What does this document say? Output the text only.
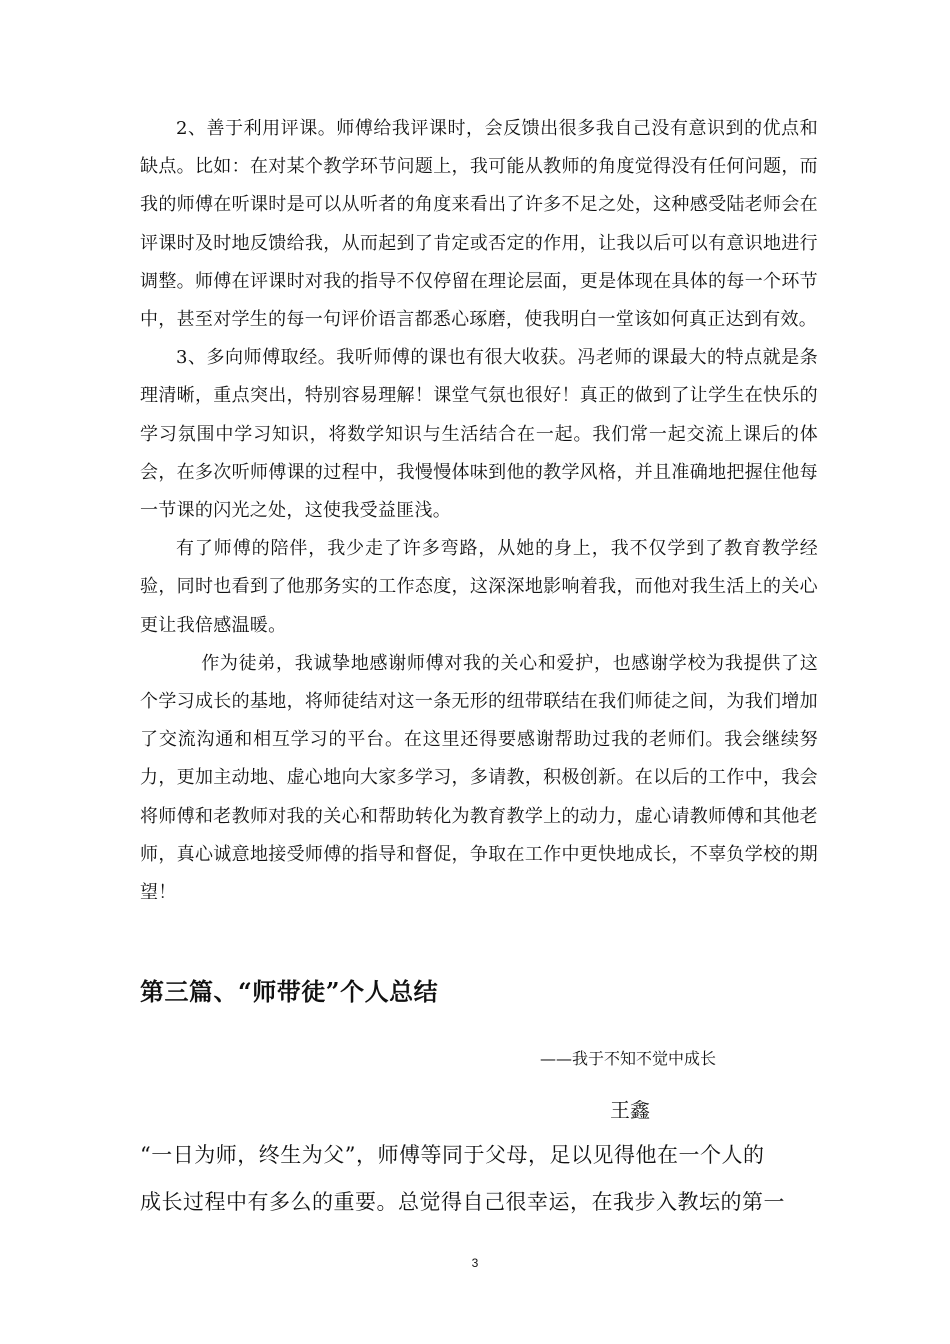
2、善于利用评课。师傅给我评课时，会反馈出很多我自己没有意识到的优点和缺点。比如：在对某个教学环节问题上，我可能从教师的角度觉得没有任何问题，而我的师傅在听课时是可以从听者的角度来看出了许多不足之处，这种感受陆老师会在评课时及时地反馈给我，从而起到了肯定或否定的作用，让我以后可以有意识地进行调整。师傅在评课时对我的指导不仅停留在理论层面，更是体现在具体的每一个环节中，甚至对学生的每一句评价语言都悉心琢磨，使我明白一堂该如何真正达到有效。

3、多向师傅取经。我听师傅的课也有很大收获。冯老师的课最大的特点就是条理清晰，重点突出，特别容易理解！课堂气氛也很好！真正的做到了让学生在快乐的学习氛围中学习知识，将数学知识与生活结合在一起。我们常一起交流上课后的体会，在多次听师傅课的过程中，我慢慢体味到他的教学风格，并且准确地把握住他每一节课的闪光之处，这使我受益匪浅。

有了师傅的陪伴，我少走了许多弯路，从她的身上，我不仅学到了教育教学经验，同时也看到了他那务实的工作态度，这深深地影响着我，而他对我生活上的关心更让我倍感温暖。

作为徒弟，我诚挚地感谢师傅对我的关心和爱护，也感谢学校为我提供了这个学习成长的基地，将师徒结对这一条无形的纽带联结在我们师徒之间，为我们增加了交流沟通和相互学习的平台。在这里还得要感谢帮助过我的老师们。我会继续努力，更加主动地、虚心地向大家多学习，多请教，积极创新。在以后的工作中，我会将师傅和老教师对我的关心和帮助转化为教育教学上的动力，虚心请教师傅和其他老师，真心诚意地接受师傅的指导和督促，争取在工作中更快地成长，不辜负学校的期望！

第三篇、“师带徒”个人总结

——我于不知不觉中成长

王鑫

“一日为师，终生为父”，师傅等同于父母，足以见得他在一个人的

成长过程中有多么的重要。总觉得自己很幸运，在我步入教坛的第一

3
